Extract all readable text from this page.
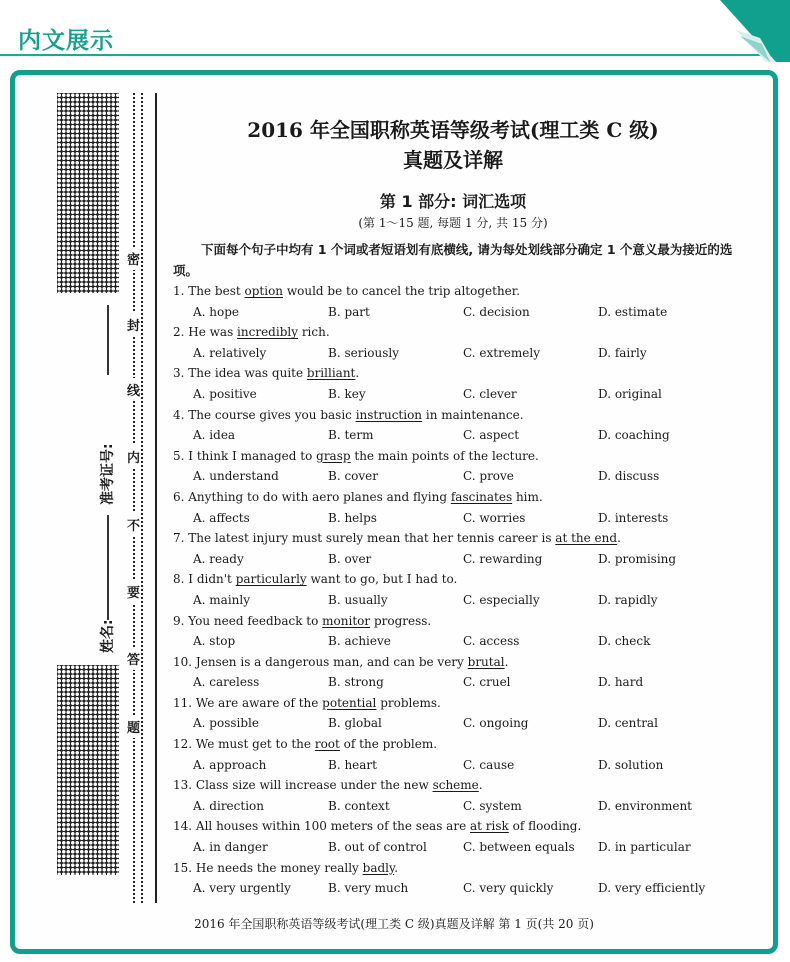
内文展示
密
封
线
内
不
要
答
题
准考证号:
姓名:
2016 年全国职称英语等级考试(理工类 C 级)
真题及详解
第 1 部分: 词汇选项
(第 1～15 题, 每题 1 分, 共 15 分)
下面每个句子中均有 1 个词或者短语划有底横线, 请为每处划线部分确定 1 个意义最为接近的选项。
1. The best option would be to cancel the trip altogether.
A. hope	B. part	C. decision	D. estimate
2. He was incredibly rich.
A. relatively	B. seriously	C. extremely	D. fairly
3. The idea was quite brilliant.
A. positive	B. key	C. clever	D. original
4. The course gives you basic instruction in maintenance.
A. idea	B. term	C. aspect	D. coaching
5. I think I managed to grasp the main points of the lecture.
A. understand	B. cover	C. prove	D. discuss
6. Anything to do with aero planes and flying fascinates him.
A. affects	B. helps	C. worries	D. interests
7. The latest injury must surely mean that her tennis career is at the end.
A. ready	B. over	C. rewarding	D. promising
8. I didn't particularly want to go, but I had to.
A. mainly	B. usually	C. especially	D. rapidly
9. You need feedback to monitor progress.
A. stop	B. achieve	C. access	D. check
10. Jensen is a dangerous man, and can be very brutal.
A. careless	B. strong	C. cruel	D. hard
11. We are aware of the potential problems.
A. possible	B. global	C. ongoing	D. central
12. We must get to the root of the problem.
A. approach	B. heart	C. cause	D. solution
13. Class size will increase under the new scheme.
A. direction	B. context	C. system	D. environment
14. All houses within 100 meters of the seas are at risk of flooding.
A. in danger	B. out of control	C. between equals	D. in particular
15. He needs the money really badly.
A. very urgently	B. very much	C. very quickly	D. very efficiently
2016 年全国职称英语等级考试(理工类 C 级)真题及详解 第 1 页(共 20 页)
